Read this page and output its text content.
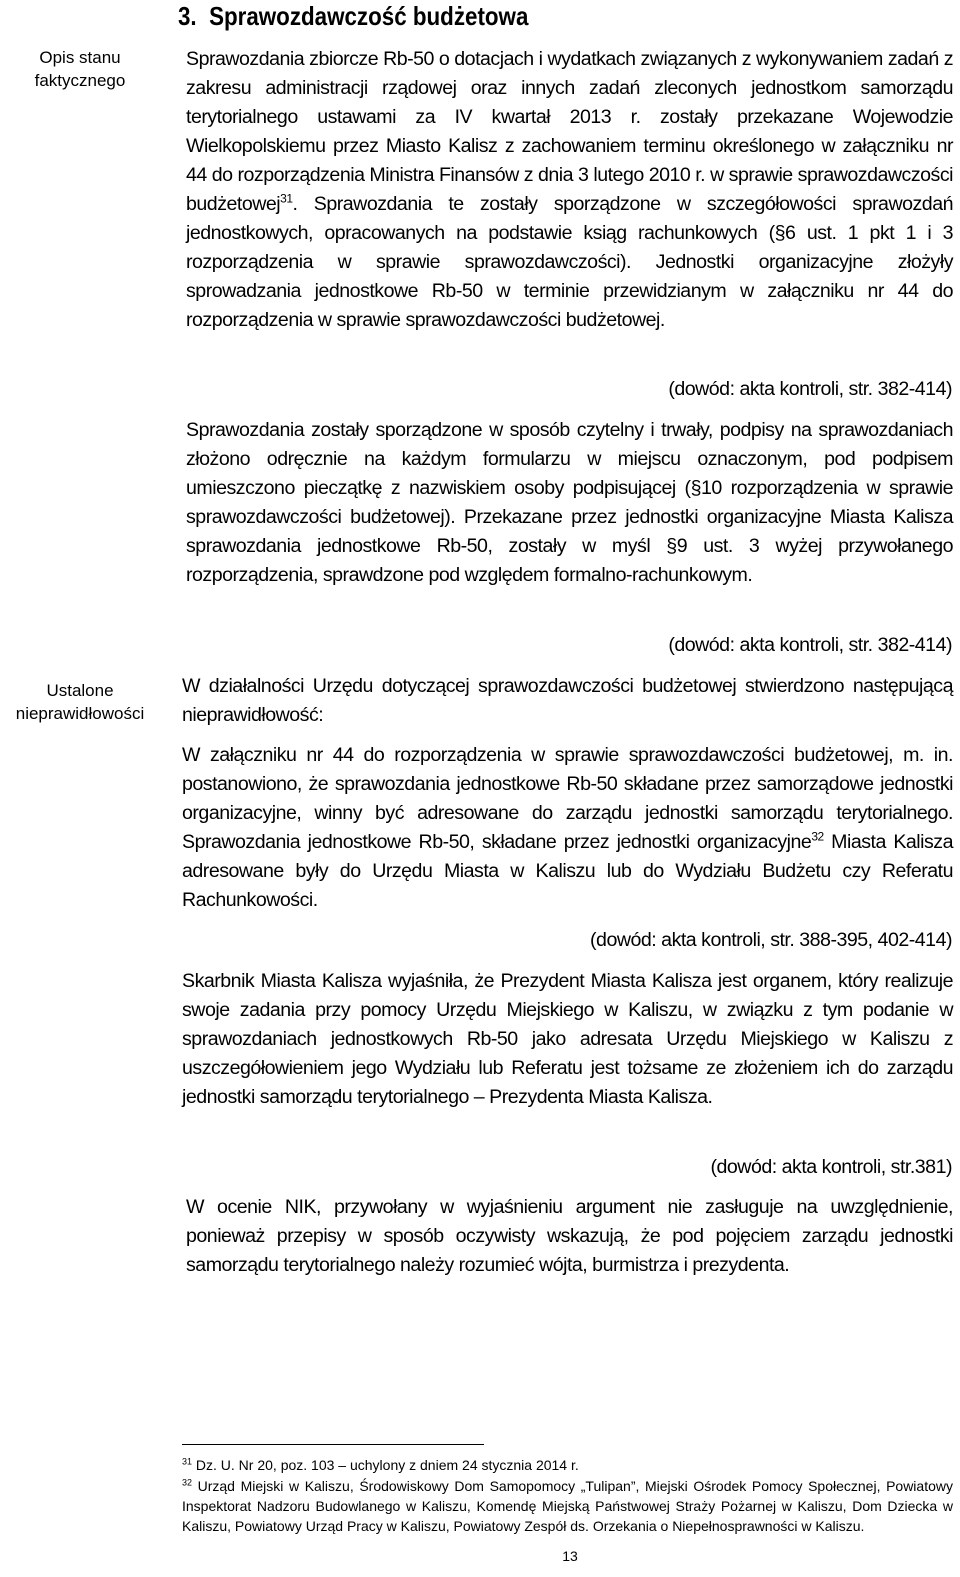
Opis stanu faktycznego
Ustalone nieprawidłowości
3.  Sprawozdawczość budżetowa

Sprawozdania zbiorcze Rb-50 o dotacjach i wydatkach związanych z wykonywaniem zadań z zakresu administracji rządowej oraz innych zadań zleconych jednostkom samorządu terytorialnego ustawami za IV kwartał 2013 r. zostały przekazane Wojewodzie Wielkopolskiemu przez Miasto Kalisz z zachowaniem terminu określonego w załączniku nr 44 do rozporządzenia Ministra Finansów z dnia 3 lutego 2010 r. w sprawie sprawozdawczości budżetowej$^{31}$. Sprawozdania te zostały sporządzone w szczegółowości sprawozdań jednostkowych, opracowanych na podstawie ksiąg rachunkowych (§6 ust. 1 pkt 1 i 3 rozporządzenia w sprawie sprawozdawczości). Jednostki organizacyjne złożyły sprowadzania jednostkowe Rb-50 w terminie przewidzianym w załączniku nr 44 do rozporządzenia w sprawie sprawozdawczości budżetowej.

(dowód: akta kontroli, str. 382-414)

Sprawozdania zostały sporządzone w sposób czytelny i trwały, podpisy na sprawozdaniach złożono odręcznie na każdym formularzu w miejscu oznaczonym, pod podpisem umieszczono pieczątkę z nazwiskiem osoby podpisującej (§10 rozporządzenia w sprawie sprawozdawczości budżetowej). Przekazane przez jednostki organizacyjne Miasta Kalisza sprawozdania jednostkowe Rb-50, zostały w myśl §9 ust. 3 wyżej przywołanego rozporządzenia, sprawdzone pod względem formalno-rachunkowym.

(dowód: akta kontroli, str. 382-414)

W działalności Urzędu dotyczącej sprawozdawczości budżetowej stwierdzono następującą nieprawidłowość:

W załączniku nr 44 do rozporządzenia w sprawie sprawozdawczości budżetowej, m. in. postanowiono, że sprawozdania jednostkowe Rb-50 składane przez samorządowe jednostki organizacyjne, winny być adresowane do zarządu jednostki samorządu terytorialnego. Sprawozdania jednostkowe Rb-50, składane przez jednostki organizacyjne$^{32}$ Miasta Kalisza adresowane były do Urzędu Miasta w Kaliszu lub do Wydziału Budżetu czy Referatu Rachunkowości.

(dowód: akta kontroli, str. 388-395, 402-414)

Skarbnik Miasta Kalisza wyjaśniła, że Prezydent Miasta Kalisza jest organem, który realizuje swoje zadania przy pomocy Urzędu Miejskiego w Kaliszu, w związku z tym podanie w sprawozdaniach jednostkowych Rb-50 jako adresata Urzędu Miejskiego w Kaliszu z uszczegółowieniem jego Wydziału lub Referatu jest tożsame ze złożeniem ich do zarządu jednostki samorządu terytorialnego – Prezydenta Miasta Kalisza.

(dowód: akta kontroli, str.381)

W ocenie NIK, przywołany w wyjaśnieniu argument nie zasługuje na uwzględnienie, ponieważ przepisy w sposób oczywisty wskazują, że pod pojęciem zarządu jednostki samorządu terytorialnego należy rozumieć wójta, burmistrza i prezydenta.

$^{31}$ Dz. U. Nr 20, poz. 103 – uchylony z dniem 24 stycznia 2014 r.

$^{32}$ Urząd Miejski w Kaliszu, Środowiskowy Dom Samopomocy „Tulipan”, Miejski Ośrodek Pomocy Społecznej, Powiatowy Inspektorat Nadzoru Budowlanego w Kaliszu, Komendę Miejską Państwowej Straży Pożarnej w Kaliszu, Dom Dziecka w Kaliszu, Powiatowy Urząd Pracy w Kaliszu, Powiatowy Zespół ds. Orzekania o Niepełnosprawności w Kaliszu.

13
